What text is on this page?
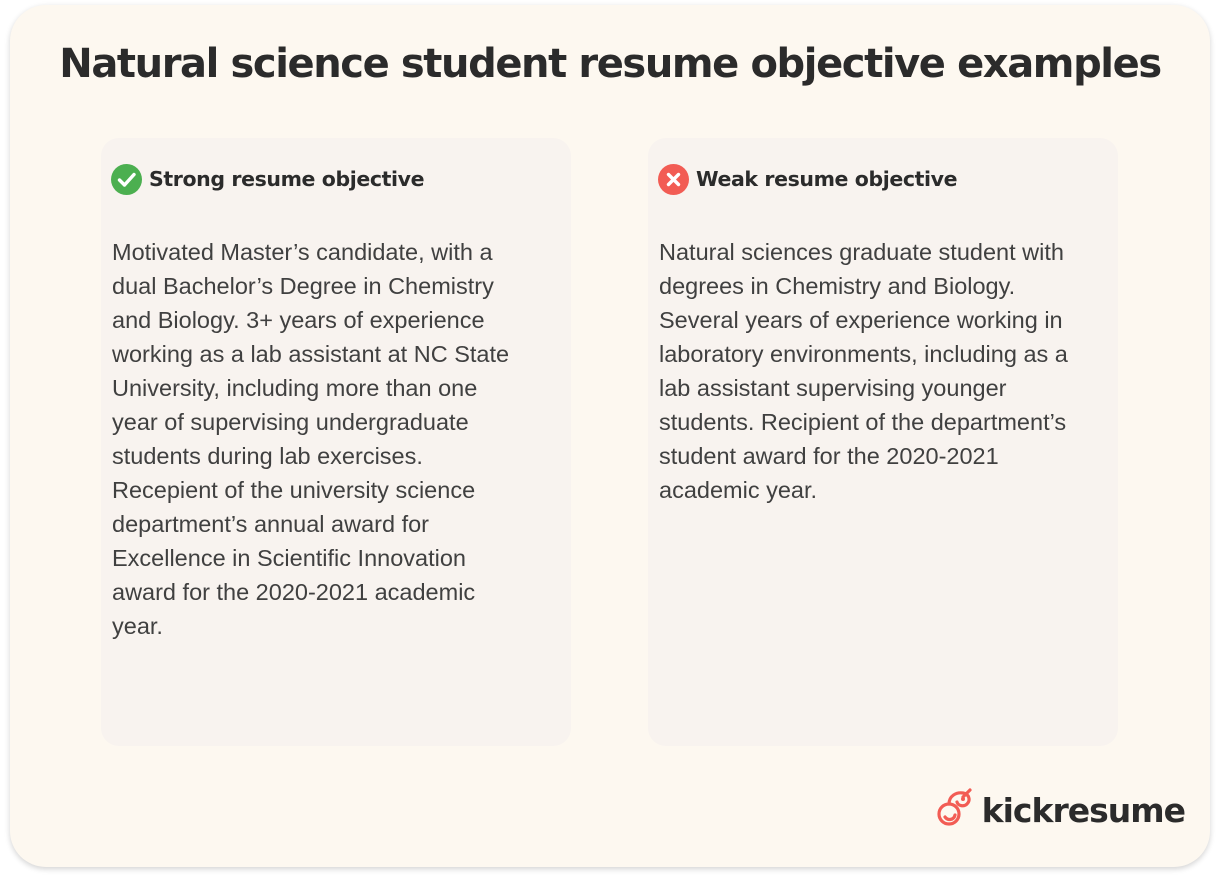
Natural science student resume objective examples
Strong resume objective

Motivated Master’s candidate, with a
dual Bachelor’s Degree in Chemistry
and Biology. 3+ years of experience
working as a lab assistant at NC State
University, including more than one
year of supervising undergraduate
students during lab exercises.
Recepient of the university science
department’s annual award for
Excellence in Scientific Innovation
award for the 2020-2021 academic
year.

Weak resume objective

Natural sciences graduate student with
degrees in Chemistry and Biology.
Several years of experience working in
laboratory environments, including as a
lab assistant supervising younger
students. Recipient of the department’s
student award for the 2020-2021
academic year.

kickresume
